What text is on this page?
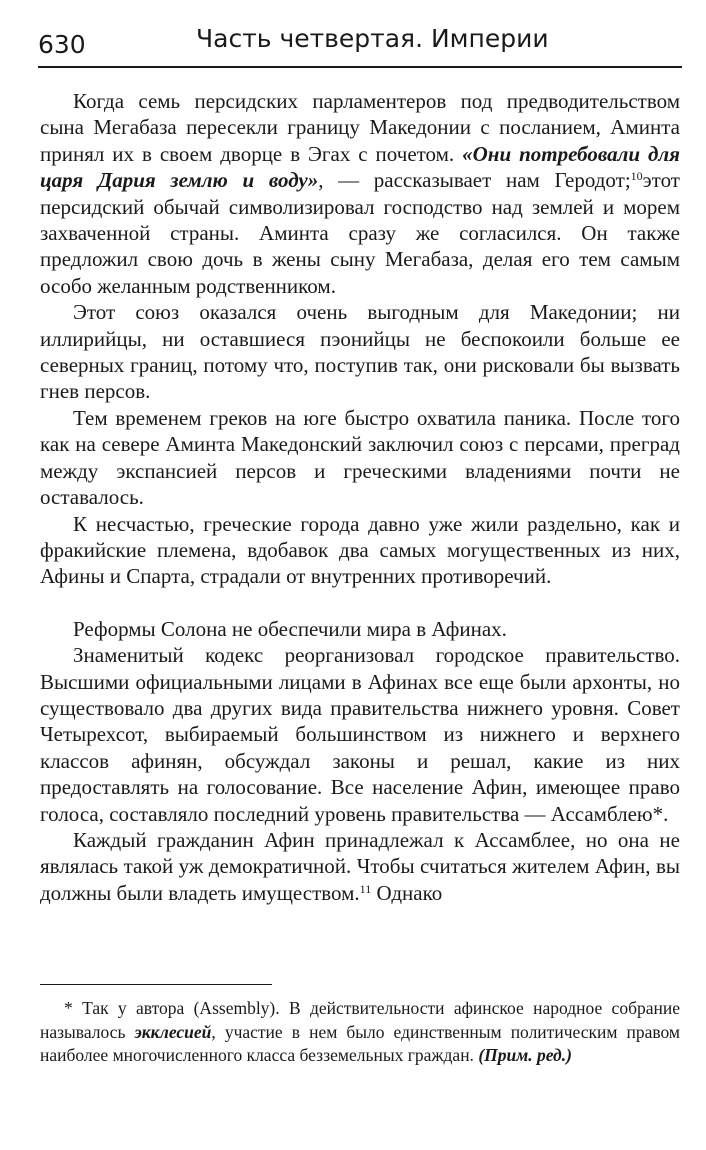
630	Часть четвертая. Империи

Когда семь персидских парламентеров под предводительством сына Мегабаза пересекли границу Македонии с посланием, Аминта принял их в своем дворце в Эгах с почетом. «Они потребовали для царя Дария землю и воду», — рассказывает нам Геродот;$^{10}$этот персидский обычай символизировал господство над землей и морем захваченной страны. Аминта сразу же согласился. Он также предложил свою дочь в жены сыну Мегабаза, делая его тем самым особо желанным родственником.

Этот союз оказался очень выгодным для Македонии; ни иллирийцы, ни оставшиеся пэонийцы не беспокоили больше ее северных границ, потому что, поступив так, они рисковали бы вызвать гнев персов.

Тем временем греков на юге быстро охватила паника. После того как на севере Аминта Македонский заключил союз с персами, преград между экспансией персов и греческими владениями почти не оставалось.

К несчастью, греческие города давно уже жили раздельно, как и фракийские племена, вдобавок два самых могущественных из них, Афины и Спарта, страдали от внутренних противоречий.

Реформы Солона не обеспечили мира в Афинах.

Знаменитый кодекс реорганизовал городское правительство. Высшими официальными лицами в Афинах все еще были архонты, но существовало два других вида правительства нижнего уровня. Совет Четырехсот, выбираемый большинством из нижнего и верхнего классов афинян, обсуждал законы и решал, какие из них предоставлять на голосование. Все население Афин, имеющее право голоса, составляло последний уровень правительства — Ассамблею*.

Каждый гражданин Афин принадлежал к Ассамблее, но она не являлась такой уж демократичной. Чтобы считаться жителем Афин, вы должны были владеть имуществом.$^{11}$ Однако

* Так у автора (Assembly). В действительности афинское народное собрание называлось экклесией, участие в нем было единственным политическим правом наиболее многочисленного класса безземельных граждан. (Прим. ред.)
